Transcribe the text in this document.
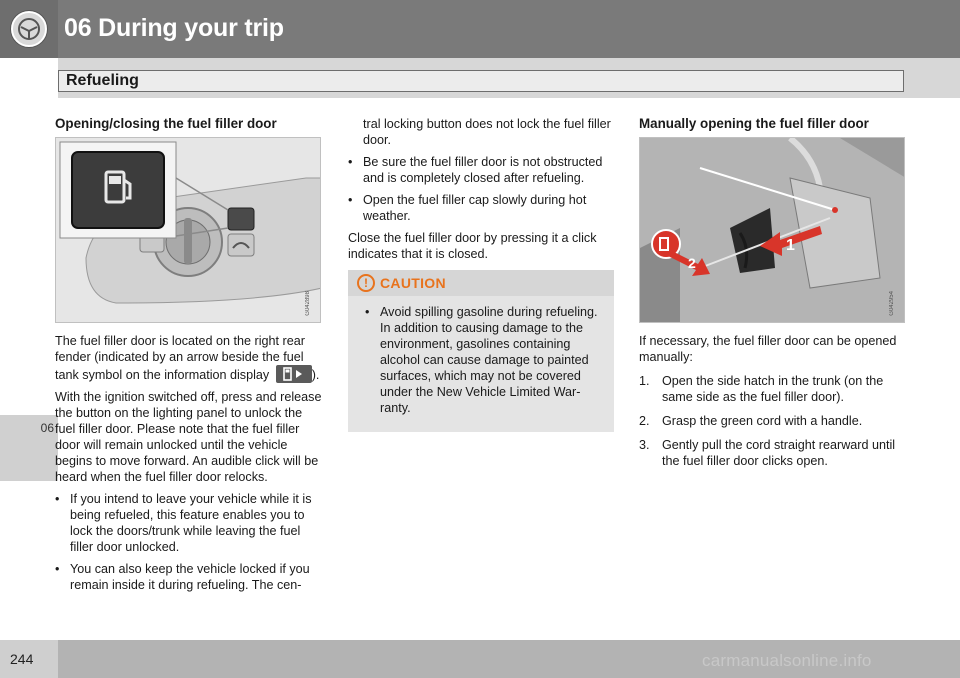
06 During your trip
Refueling
06
Opening/closing the fuel filler door
G042898

The fuel filler door is located on the right rear fender (indicated by an arrow beside the fuel tank symbol on the information display	).

With the ignition switched off, press and release the button on the lighting panel to unlock the fuel filler door. Please note that the fuel filler door will remain unlocked until the vehicle begins to move forward. An audible click will be heard when the fuel filler door relocks.

• If you intend to leave your vehicle while it is being refueled, this feature enables you to lock the doors/trunk while leaving the fuel filler door unlocked.
• You can also keep the vehicle locked if you remain inside it during refueling. The cen-
tral locking button does not lock the fuel filler door.
• Be sure the fuel filler door is not obstructed and is completely closed after refueling.
• Open the fuel filler cap slowly during hot weather.

Close the fuel filler door by pressing it a click indicates that it is closed.

! CAUTION
• Avoid spilling gasoline during refueling. In addition to causing damage to the environment, gasolines containing alcohol can cause damage to painted surfaces, which may not be covered under the New Vehicle Limited War-ranty.
Manually opening the fuel filler door
1
2
G042954

If necessary, the fuel filler door can be opened manually:

1. Open the side hatch in the trunk (on the same side as the fuel filler door).
2. Grasp the green cord with a handle.
3. Gently pull the cord straight rearward until the fuel filler door clicks open.
244	carmanualsonline.info
